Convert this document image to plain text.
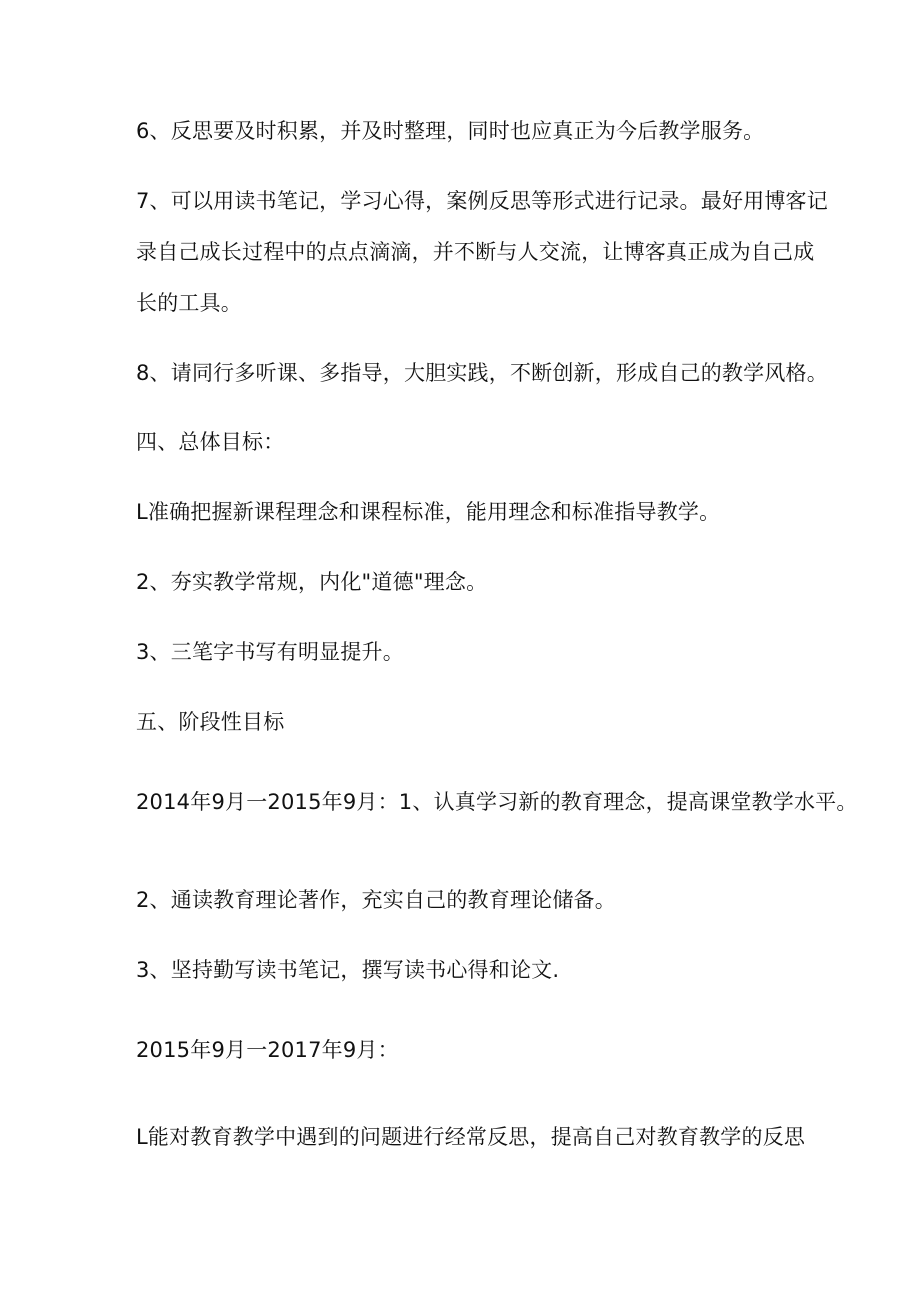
6、反思要及时积累，并及时整理，同时也应真正为今后教学服务。

7、可以用读书笔记，学习心得，案例反思等形式进行记录。最好用博客记

录自己成长过程中的点点滴滴，并不断与人交流，让博客真正成为自己成

长的工具。

8、请同行多听课、多指导，大胆实践，不断创新，形成自己的教学风格。

四、总体目标：

L准确把握新课程理念和课程标准，能用理念和标准指导教学。

2、夯实教学常规，内化"道德"理念。

3、三笔字书写有明显提升。

五、阶段性目标

2014年9月一2015年9月：1、认真学习新的教育理念，提高课堂教学水平。

2、通读教育理论著作，充实自己的教育理论储备。

3、坚持勤写读书笔记，撰写读书心得和论文.

2015年9月一2017年9月：

L能对教育教学中遇到的问题进行经常反思，提高自己对教育教学的反思
